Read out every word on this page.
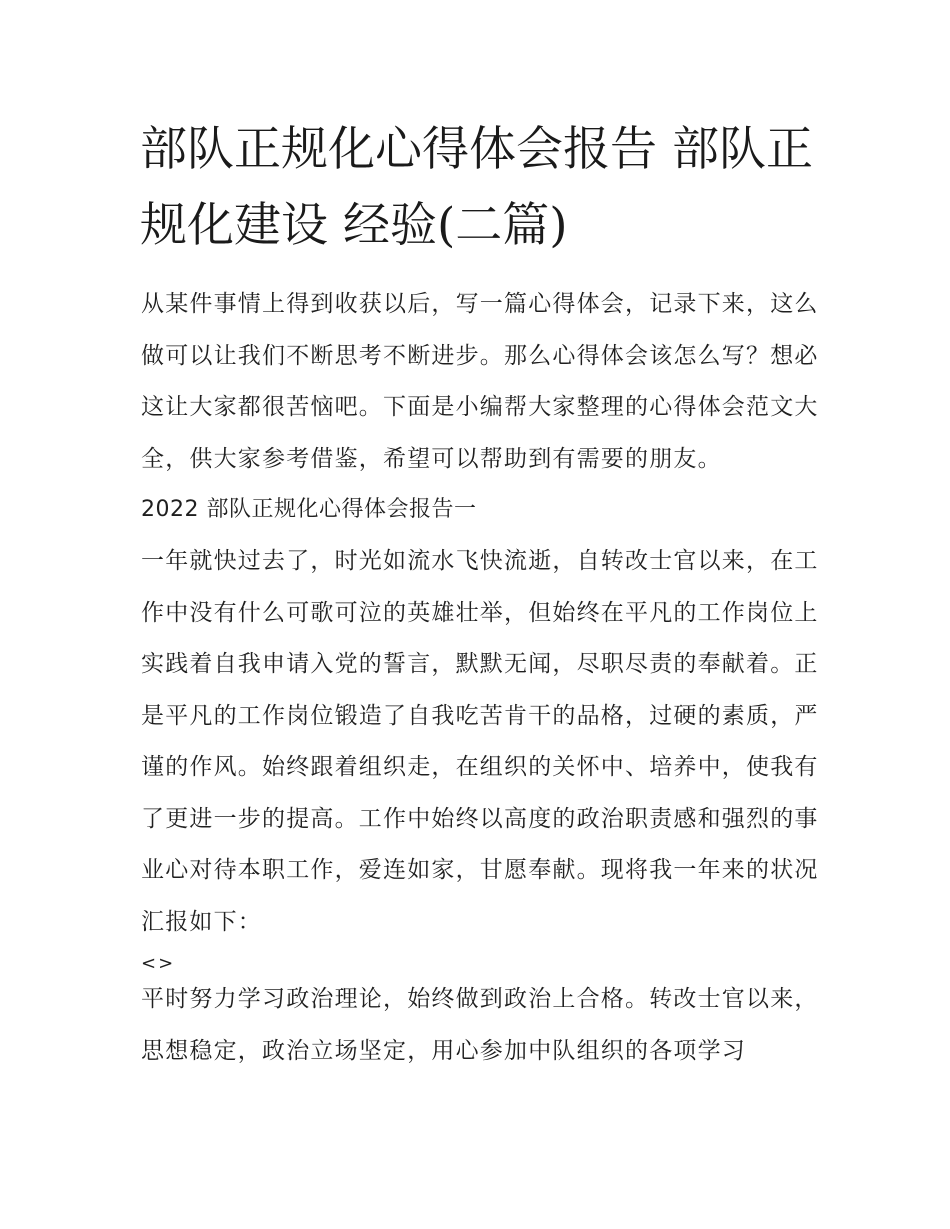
部队正规化心得体会报告 部队正规化建设 经验(二篇)

从某件事情上得到收获以后，写一篇心得体会，记录下来，这么做可以让我们不断思考不断进步。那么心得体会该怎么写？想必这让大家都很苦恼吧。下面是小编帮大家整理的心得体会范文大全，供大家参考借鉴，希望可以帮助到有需要的朋友。

2022 部队正规化心得体会报告一

一年就快过去了，时光如流水飞快流逝，自转改士官以来，在工作中没有什么可歌可泣的英雄壮举，但始终在平凡的工作岗位上实践着自我申请入党的誓言，默默无闻，尽职尽责的奉献着。正是平凡的工作岗位锻造了自我吃苦肯干的品格，过硬的素质，严谨的作风。始终跟着组织走，在组织的关怀中、培养中，使我有了更进一步的提高。工作中始终以高度的政治职责感和强烈的事业心对待本职工作，爱连如家，甘愿奉献。现将我一年来的状况汇报如下：

<>

平时努力学习政治理论，始终做到政治上合格。转改士官以来，思想稳定，政治立场坚定，用心参加中队组织的各项学习
